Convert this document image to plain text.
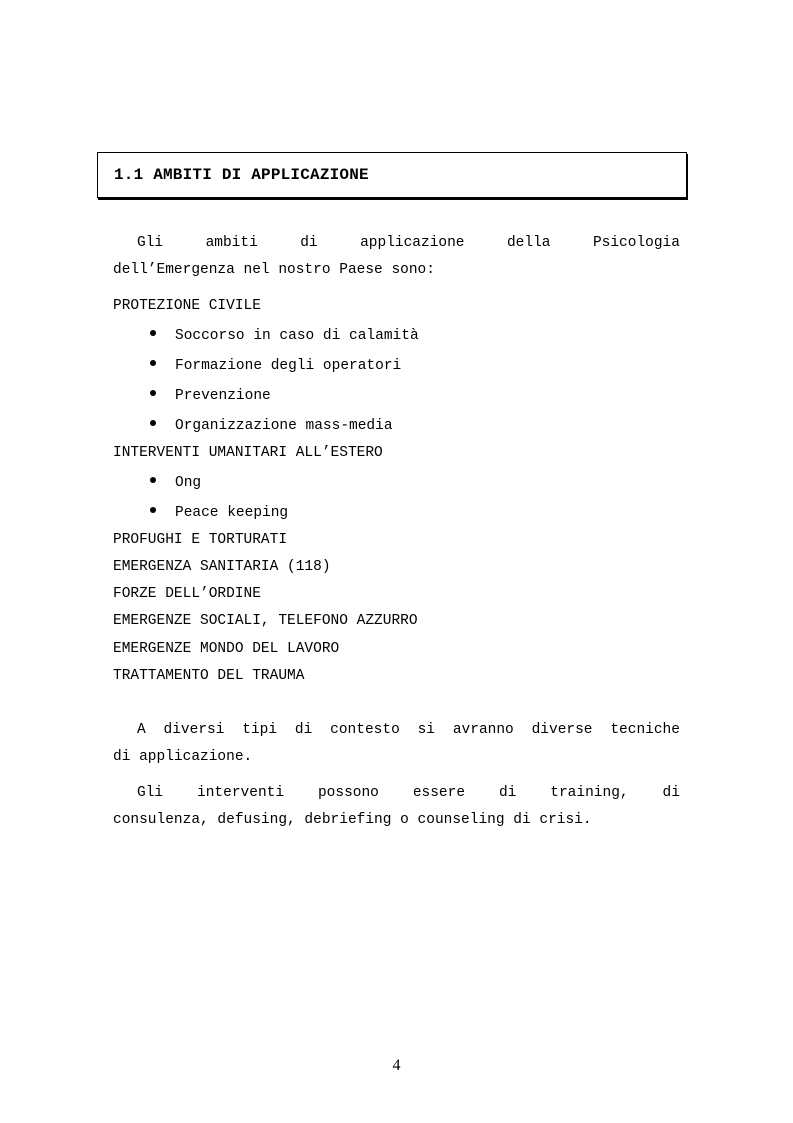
1.1 AMBITI DI APPLICAZIONE
Gli	ambiti	di	applicazione	della	Psicologia
dell’Emergenza nel nostro Paese sono:
PROTEZIONE CIVILE
Soccorso in caso di calamità
Formazione degli operatori
Prevenzione
Organizzazione mass-media
INTERVENTI UMANITARI ALL’ESTERO
Ong
Peace keeping
PROFUGHI E TORTURATI
EMERGENZA SANITARIA (118)
FORZE DELL’ORDINE
EMERGENZE SOCIALI, TELEFONO AZZURRO
EMERGENZE MONDO DEL LAVORO
TRATTAMENTO DEL TRAUMA
A diversi tipi di contesto si avranno diverse tecniche
di applicazione.
Gli interventi possono essere di training, di
consulenza, defusing, debriefing o counseling di crisi.
4
